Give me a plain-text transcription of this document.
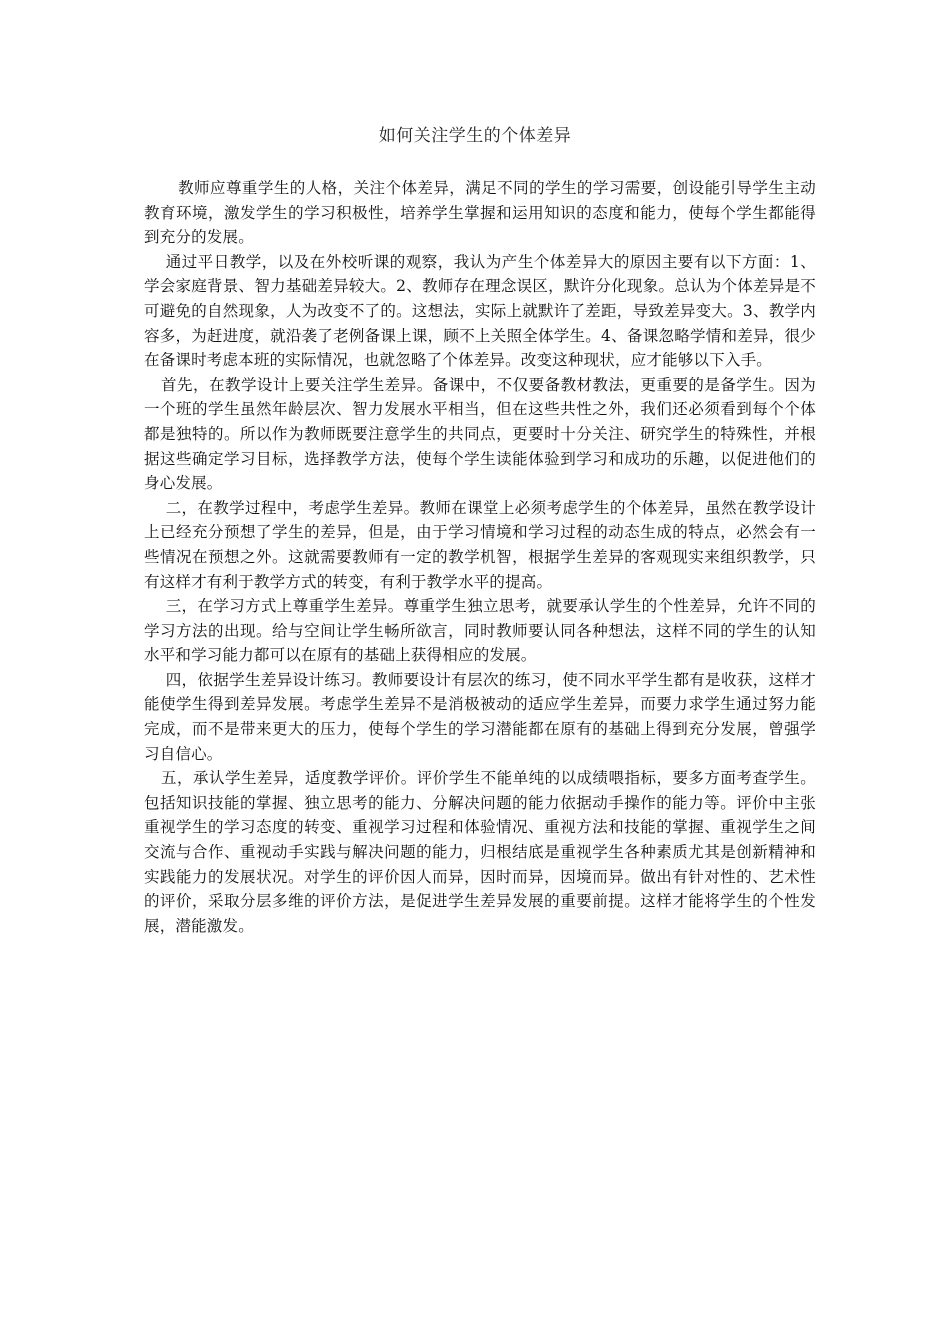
如何关注学生的个体差异

教师应尊重学生的人格，关注个体差异，满足不同的学生的学习需要，创设能引导学生主动教育环境，激发学生的学习积极性，培养学生掌握和运用知识的态度和能力，使每个学生都能得到充分的发展。

通过平日教学，以及在外校听课的观察，我认为产生个体差异大的原因主要有以下方面：1、学会家庭背景、智力基础差异较大。2、教师存在理念误区，默许分化现象。总认为个体差异是不可避免的自然现象，人为改变不了的。这想法，实际上就默许了差距，导致差异变大。3、教学内容多，为赶进度，就沿袭了老例备课上课，顾不上关照全体学生。4、备课忽略学情和差异，很少在备课时考虑本班的实际情况，也就忽略了个体差异。改变这种现状，应才能够以下入手。

首先，在教学设计上要关注学生差异。备课中，不仅要备教材教法，更重要的是备学生。因为一个班的学生虽然年龄层次、智力发展水平相当，但在这些共性之外，我们还必须看到每个个体都是独特的。所以作为教师既要注意学生的共同点，更要时十分关注、研究学生的特殊性，并根据这些确定学习目标，选择教学方法，使每个学生读能体验到学习和成功的乐趣，以促进他们的身心发展。

二，在教学过程中，考虑学生差异。教师在课堂上必须考虑学生的个体差异，虽然在教学设计上已经充分预想了学生的差异，但是，由于学习情境和学习过程的动态生成的特点，必然会有一些情况在预想之外。这就需要教师有一定的教学机智，根据学生差异的客观现实来组织教学，只有这样才有利于教学方式的转变，有利于教学水平的提高。

三，在学习方式上尊重学生差异。尊重学生独立思考，就要承认学生的个性差异，允许不同的学习方法的出现。给与空间让学生畅所欲言，同时教师要认同各种想法，这样不同的学生的认知水平和学习能力都可以在原有的基础上获得相应的发展。

四，依据学生差异设计练习。教师要设计有层次的练习，使不同水平学生都有是收获，这样才能使学生得到差异发展。考虑学生差异不是消极被动的适应学生差异，而要力求学生通过努力能完成，而不是带来更大的压力，使每个学生的学习潜能都在原有的基础上得到充分发展，曾强学习自信心。

五，承认学生差异，适度教学评价。评价学生不能单纯的以成绩喂指标，要多方面考查学生。包括知识技能的掌握、独立思考的能力、分解决问题的能力依据动手操作的能力等。评价中主张重视学生的学习态度的转变、重视学习过程和体验情况、重视方法和技能的掌握、重视学生之间交流与合作、重视动手实践与解决问题的能力，归根结底是重视学生各种素质尤其是创新精神和实践能力的发展状况。对学生的评价因人而异，因时而异，因境而异。做出有针对性的、艺术性的评价，采取分层多维的评价方法，是促进学生差异发展的重要前提。这样才能将学生的个性发展，潜能激发。
